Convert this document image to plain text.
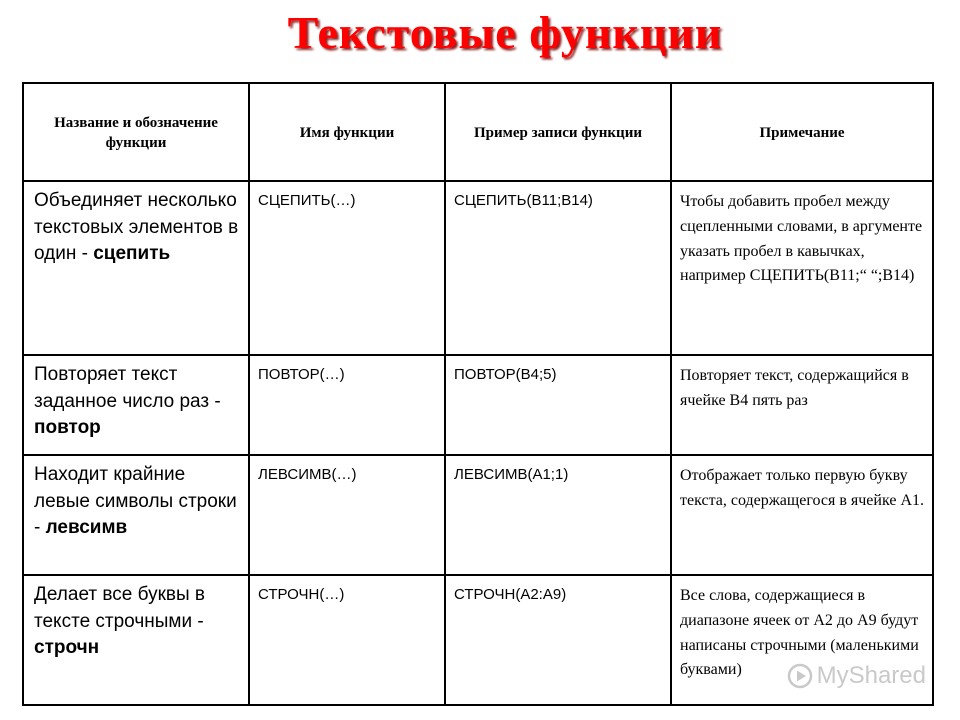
Текстовые функции
Название и обозначение функции	Имя функции	Пример записи функции	Примечание
Объединяет несколько текстовых элементов в один - сцепить	СЦЕПИТЬ(…)	СЦЕПИТЬ(B11;B14)	Чтобы добавить пробел между сцепленными словами, в аргументе указать пробел в кавычках, например СЦЕПИТЬ(B11;“ “;B14)
Повторяет текст заданное число раз - повтор	ПОВТОР(…)	ПОВТОР(B4;5)	Повторяет текст, содержащийся в ячейке B4 пять раз
Находит крайние левые символы строки - левсимв	ЛЕВСИМВ(…)	ЛЕВСИМВ(A1;1)	Отображает только первую букву текста, содержащегося в ячейке A1.
Делает все буквы в тексте строчными - строчн	СТРОЧН(…)	СТРОЧН(A2:A9)	Все слова, содержащиеся в диапазоне ячеек от A2 до A9 будут написаны строчными (маленькими буквами)	MyShared
